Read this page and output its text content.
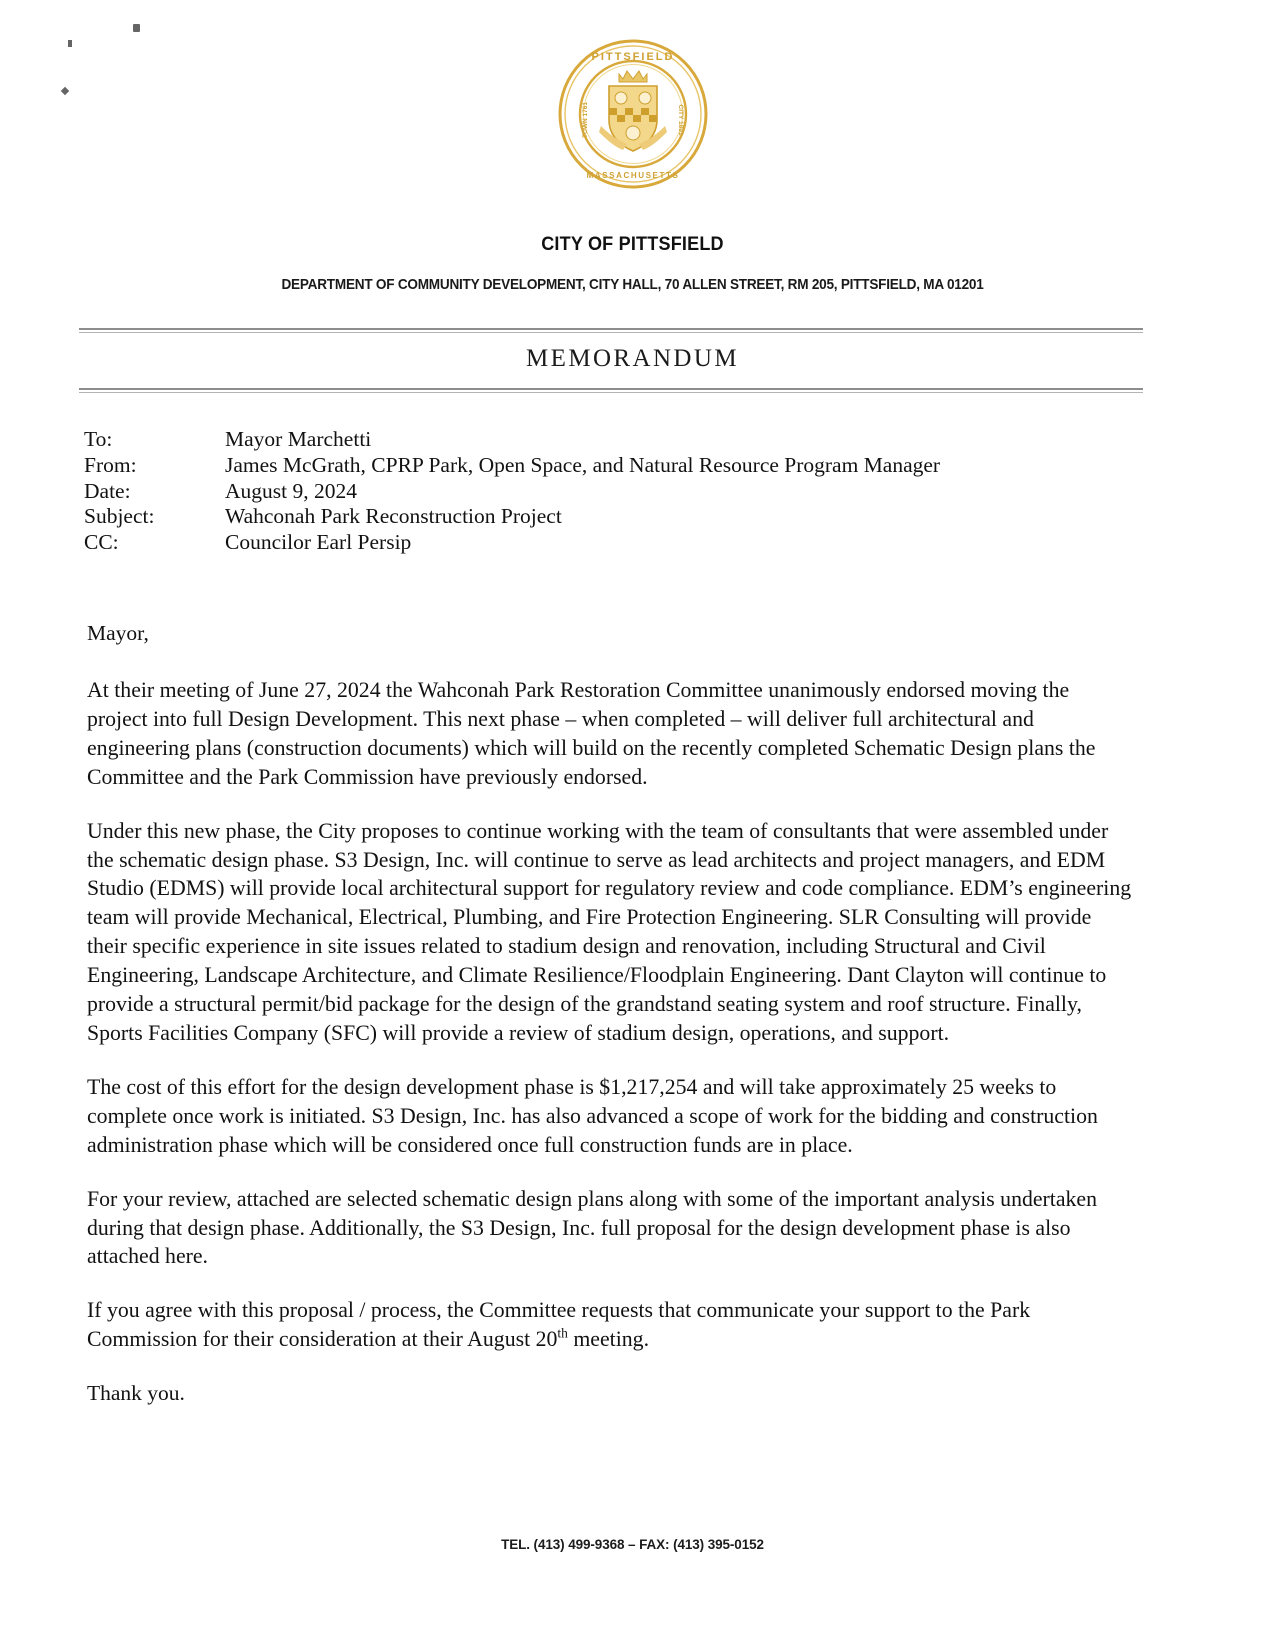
PITTSFIELD
MASSACHUSETTS
TOWN 1761	CITY 1891
CITY OF PITTSFIELD
DEPARTMENT OF COMMUNITY DEVELOPMENT, CITY HALL, 70 ALLEN STREET, RM 205, PITTSFIELD, MA 01201
MEMORANDUM
To:	Mayor Marchetti
From:	James McGrath, CPRP Park, Open Space, and Natural Resource Program Manager
Date:	August 9, 2024
Subject:	Wahconah Park Reconstruction Project
CC:	Councilor Earl Persip
Mayor,

At their meeting of June 27, 2024 the Wahconah Park Restoration Committee unanimously endorsed moving the project into full Design Development. This next phase – when completed – will deliver full architectural and engineering plans (construction documents) which will build on the recently completed Schematic Design plans the Committee and the Park Commission have previously endorsed.

Under this new phase, the City proposes to continue working with the team of consultants that were assembled under the schematic design phase. S3 Design, Inc. will continue to serve as lead architects and project managers, and EDM Studio (EDMS) will provide local architectural support for regulatory review and code compliance. EDM’s engineering team will provide Mechanical, Electrical, Plumbing, and Fire Protection Engineering. SLR Consulting will provide their specific experience in site issues related to stadium design and renovation, including Structural and Civil Engineering, Landscape Architecture, and Climate Resilience/Floodplain Engineering. Dant Clayton will continue to provide a structural permit/bid package for the design of the grandstand seating system and roof structure. Finally, Sports Facilities Company (SFC) will provide a review of stadium design, operations, and support.

The cost of this effort for the design development phase is $1,217,254 and will take approximately 25 weeks to complete once work is initiated. S3 Design, Inc. has also advanced a scope of work for the bidding and construction administration phase which will be considered once full construction funds are in place.

For your review, attached are selected schematic design plans along with some of the important analysis undertaken during that design phase. Additionally, the S3 Design, Inc. full proposal for the design development phase is also attached here.

If you agree with this proposal / process, the Committee requests that communicate your support to the Park Commission for their consideration at their August 20th meeting.

Thank you.
TEL. (413) 499-9368 – FAX: (413) 395-0152
